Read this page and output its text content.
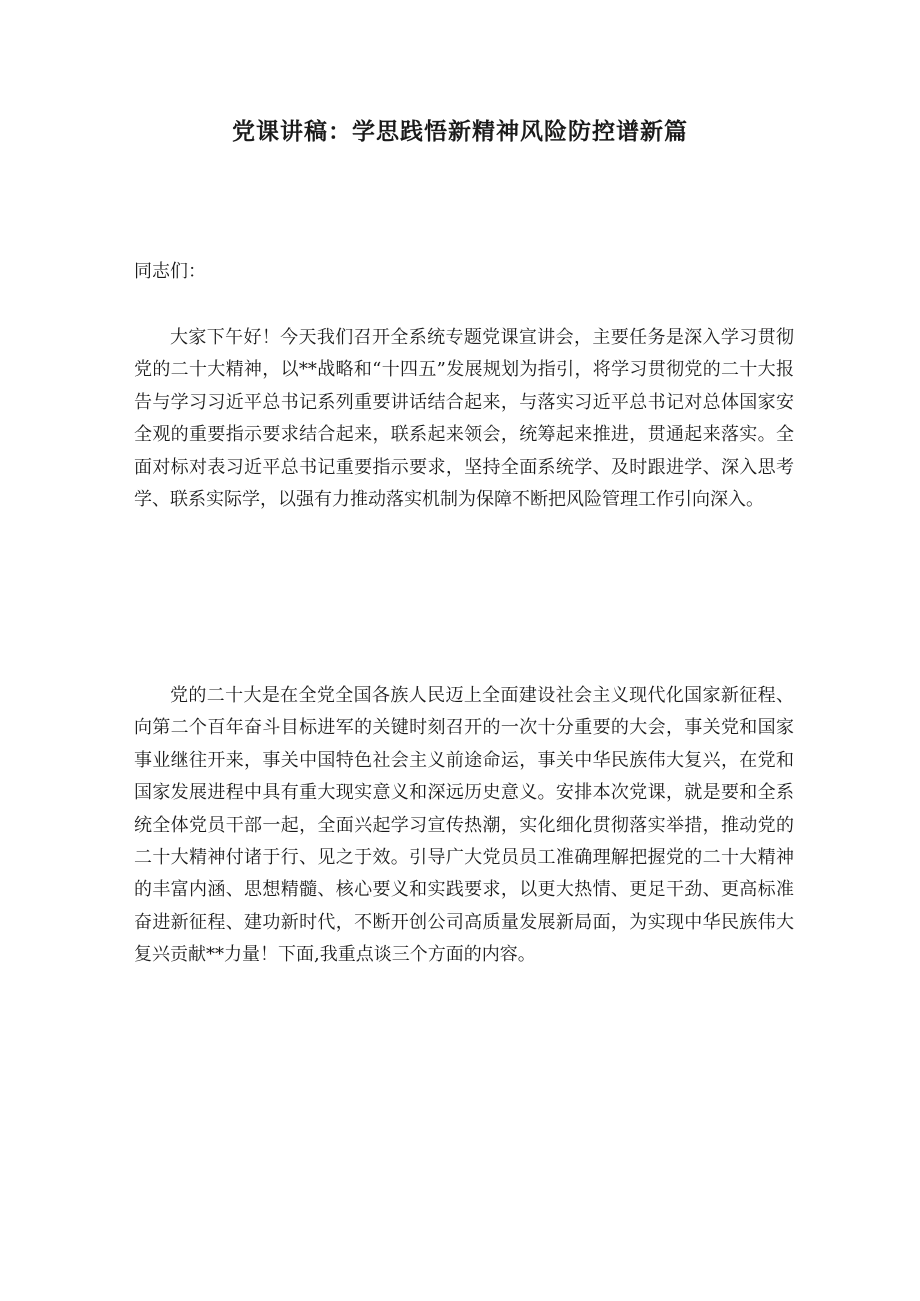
党课讲稿：学思践悟新精神风险防控谱新篇

同志们：

大家下午好！今天我们召开全系统专题党课宣讲会，主要任务是深入学习贯彻党的二十大精神，以**战略和“十四五”发展规划为指引，将学习贯彻党的二十大报告与学习习近平总书记系列重要讲话结合起来，与落实习近平总书记对总体国家安全观的重要指示要求结合起来，联系起来领会，统筹起来推进，贯通起来落实。全面对标对表习近平总书记重要指示要求，坚持全面系统学、及时跟进学、深入思考学、联系实际学，以强有力推动落实机制为保障不断把风险管理工作引向深入。

党的二十大是在全党全国各族人民迈上全面建设社会主义现代化国家新征程、向第二个百年奋斗目标进军的关键时刻召开的一次十分重要的大会，事关党和国家事业继往开来，事关中国特色社会主义前途命运，事关中华民族伟大复兴，在党和国家发展进程中具有重大现实意义和深远历史意义。安排本次党课，就是要和全系统全体党员干部一起，全面兴起学习宣传热潮，实化细化贯彻落实举措，推动党的二十大精神付诸于行、见之于效。引导广大党员员工准确理解把握党的二十大精神的丰富内涵、思想精髓、核心要义和实践要求，以更大热情、更足干劲、更高标准奋进新征程、建功新时代，不断开创公司高质量发展新局面，为实现中华民族伟大复兴贡献**力量！下面,我重点谈三个方面的内容。
